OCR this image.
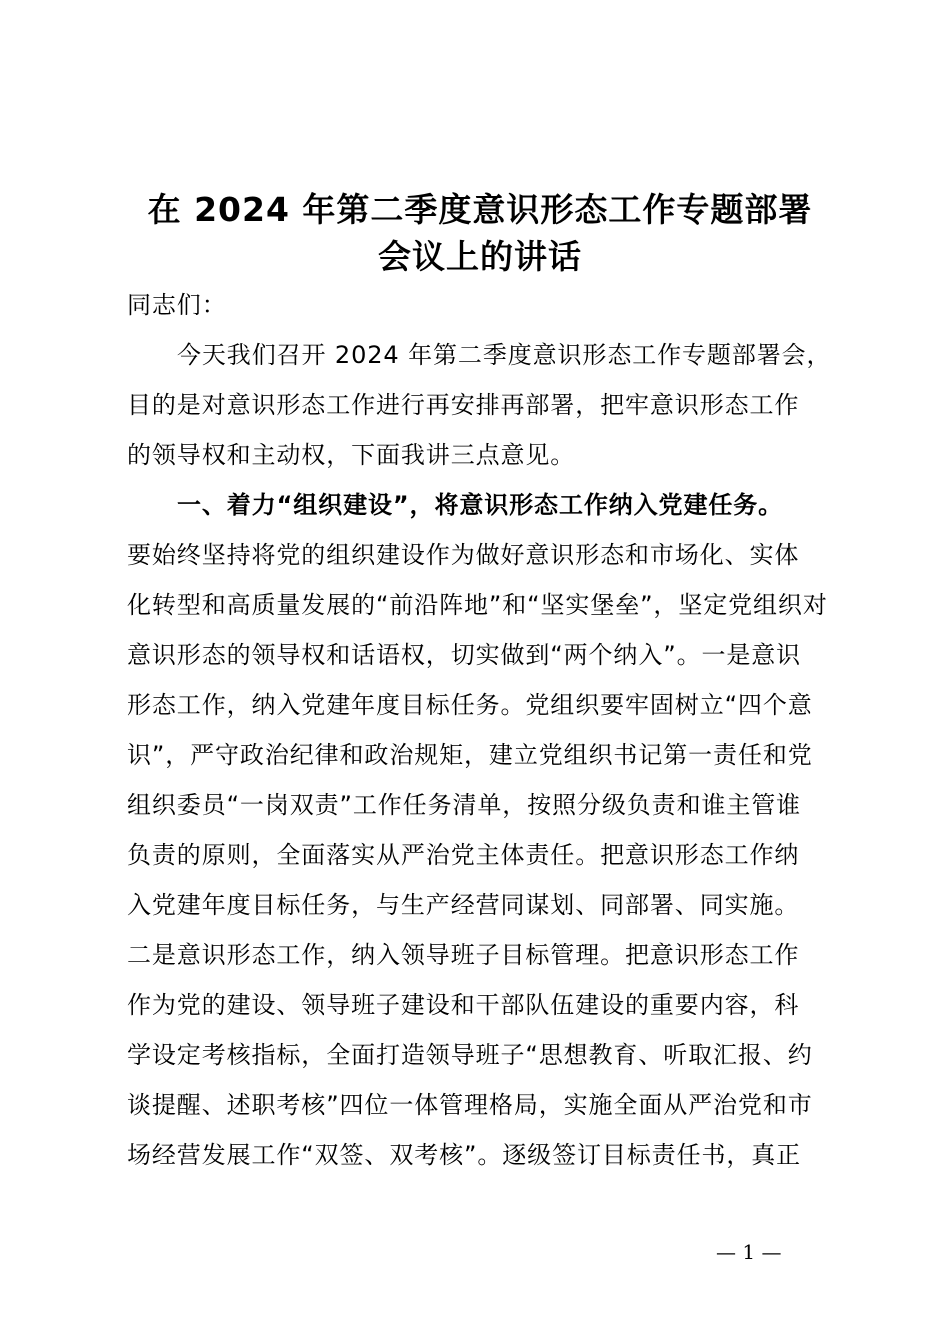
在 2024 年第二季度意识形态工作专题部署
会议上的讲话

同志们：

今天我们召开 2024 年第二季度意识形态工作专题部署会，

目的是对意识形态工作进行再安排再部署，把牢意识形态工作

的领导权和主动权，下面我讲三点意见。

一、着力“组织建设”，将意识形态工作纳入党建任务。

要始终坚持将党的组织建设作为做好意识形态和市场化、实体

化转型和高质量发展的“前沿阵地”和“坚实堡垒”，坚定党组织对

意识形态的领导权和话语权，切实做到“两个纳入”。一是意识

形态工作，纳入党建年度目标任务。党组织要牢固树立“四个意

识”，严守政治纪律和政治规矩，建立党组织书记第一责任和党

组织委员“一岗双责”工作任务清单，按照分级负责和谁主管谁

负责的原则，全面落实从严治党主体责任。把意识形态工作纳

入党建年度目标任务，与生产经营同谋划、同部署、同实施。

二是意识形态工作，纳入领导班子目标管理。把意识形态工作

作为党的建设、领导班子建设和干部队伍建设的重要内容，科

学设定考核指标，全面打造领导班子“思想教育、听取汇报、约

谈提醒、述职考核”四位一体管理格局，实施全面从严治党和市

场经营发展工作“双签、双考核”。逐级签订目标责任书，真正

— 1 —
